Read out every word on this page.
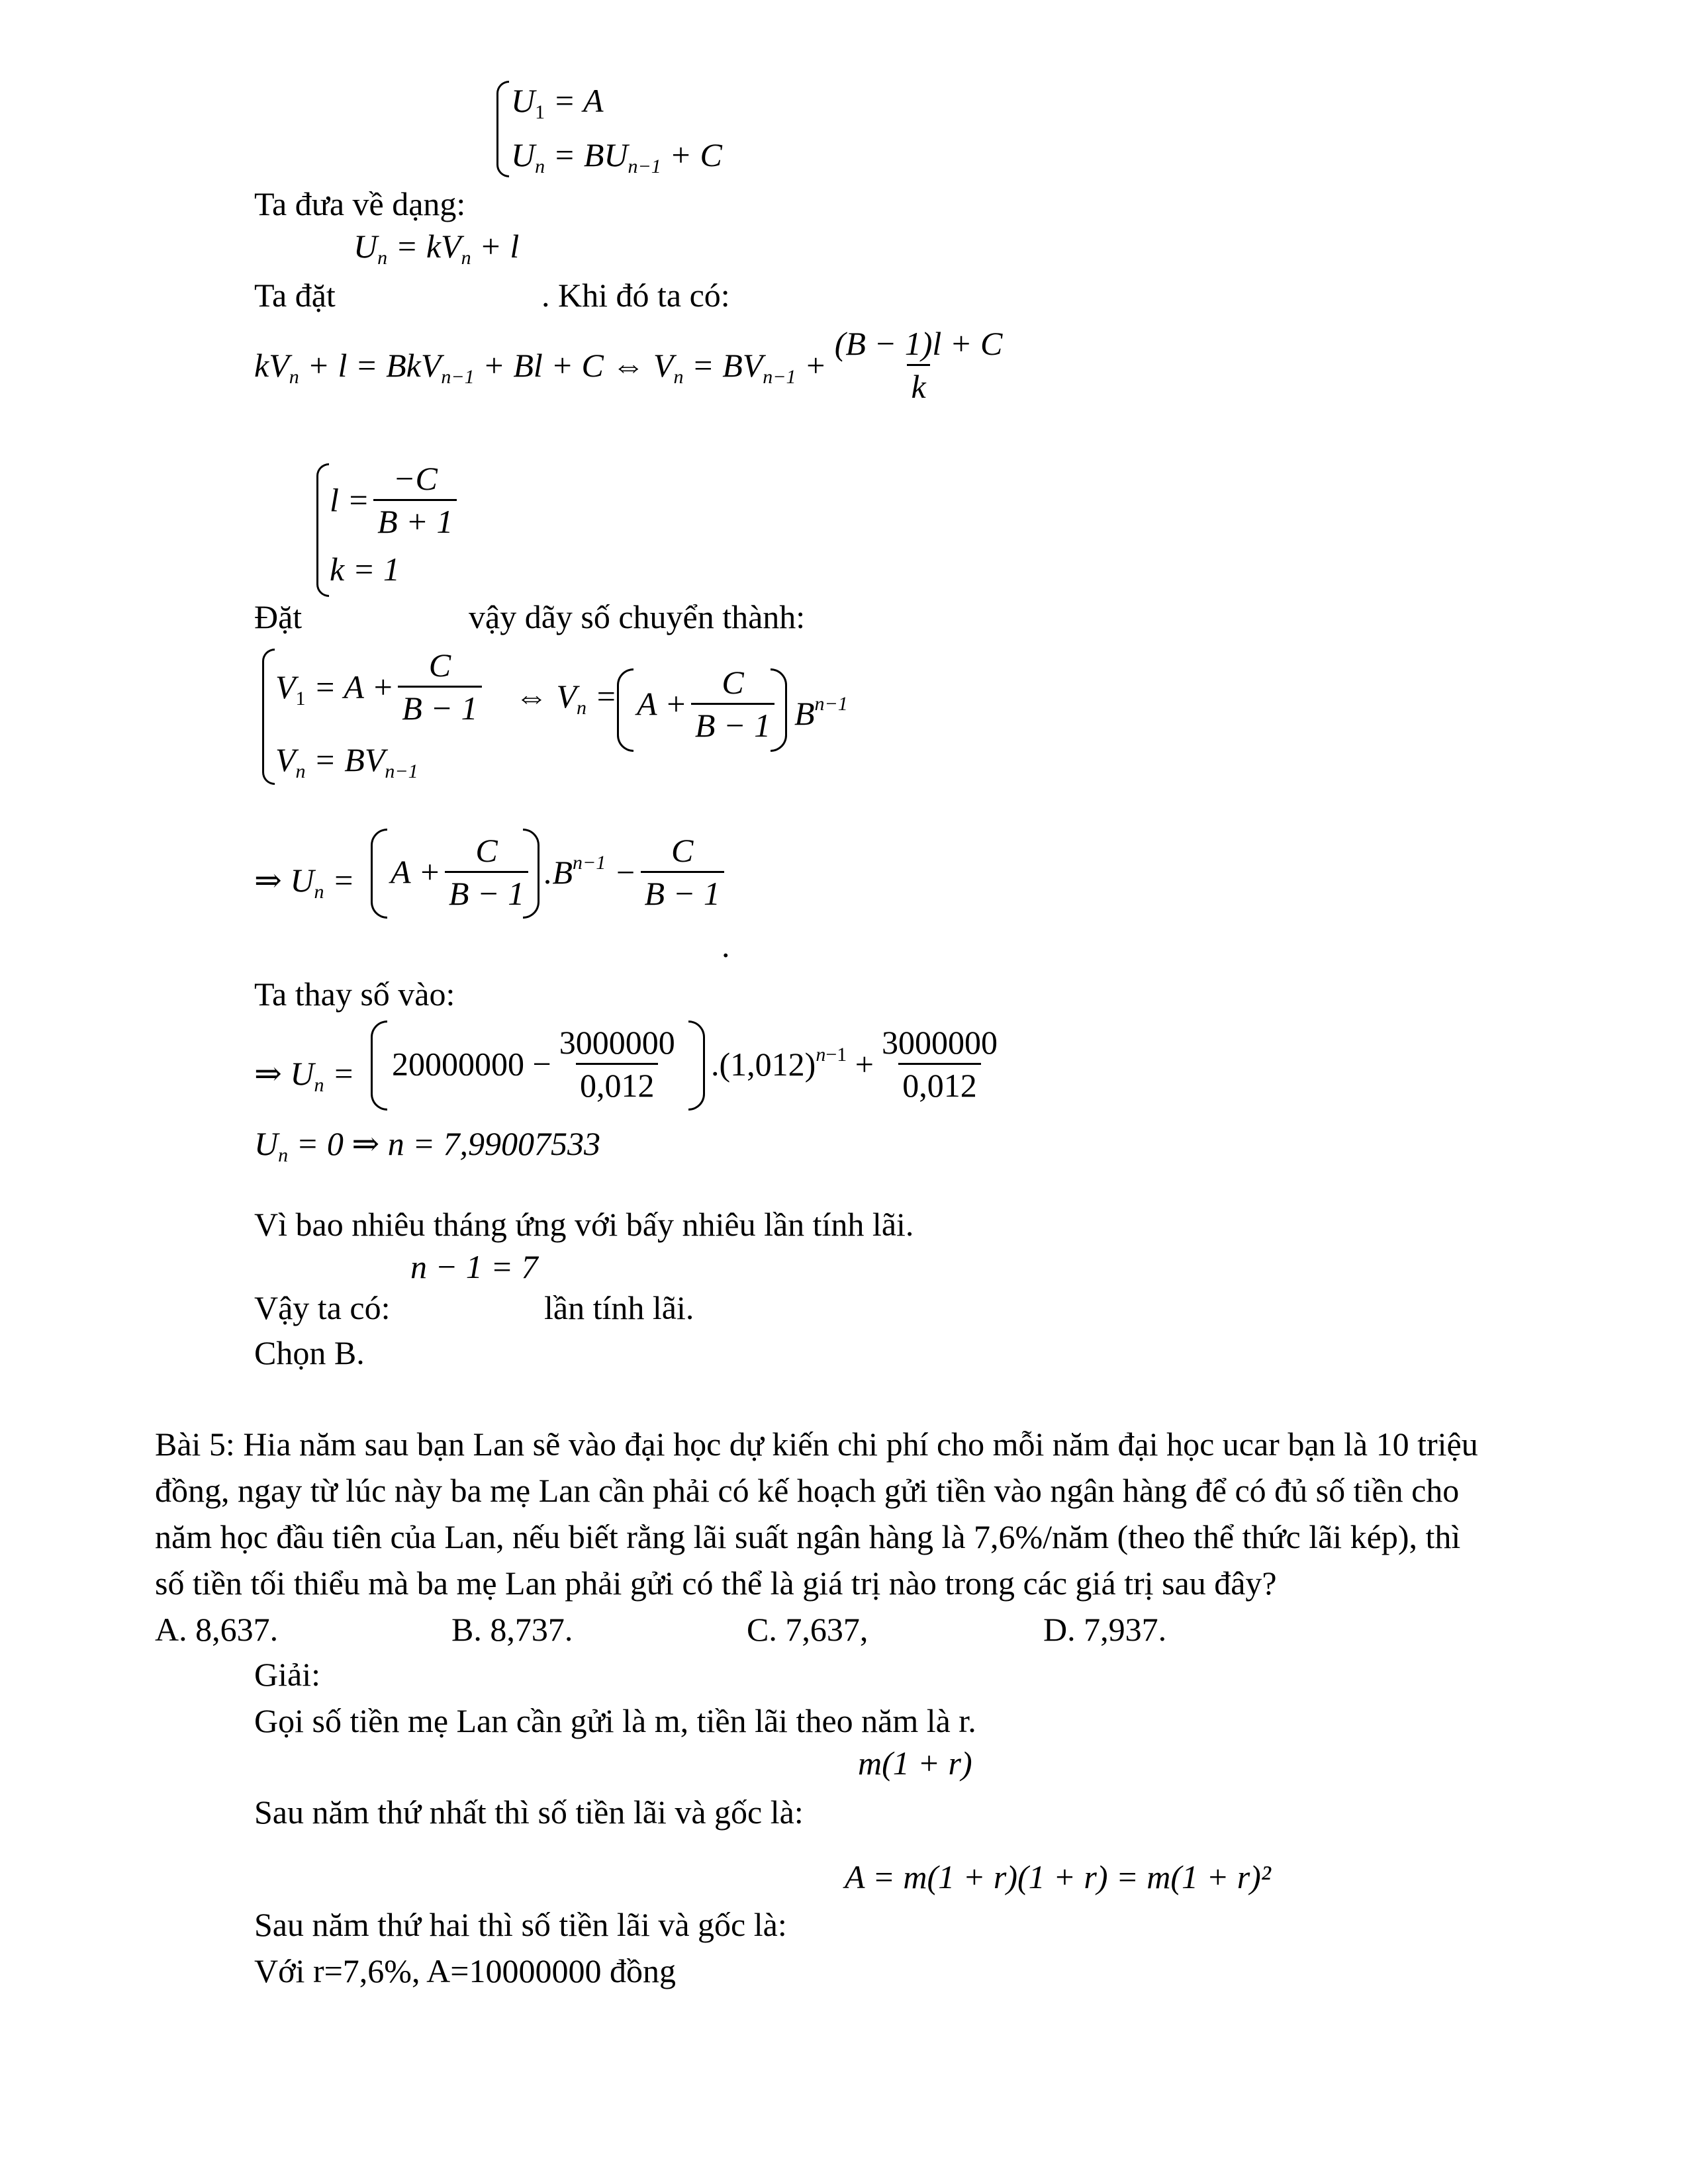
$U_1 = A$
$U_n = BU_{n-1} + C$
Ta đưa về dạng:
$U_n = kV_n + l$
Ta đặt	. Khi đó ta có:
$kV_n + l = BkV_{n-1} + Bl + C$ ⇔ $V_n = BV_{n-1} + \frac{(B - 1)l + C}{k}$
$l = \frac{-C}{B + 1}$
k = 1
Đặt	vậy dãy số chuyển thành:
$V_1 = A + \frac{C}{B - 1}$
$V_n = BV_{n-1}$
⇔ $V_n = A + \frac{C}{B - 1} B^{n-1}$
⇒ $U_n = A + \frac{C}{B - 1} .B^{n-1} - \frac{C}{B - 1}$
.
Ta thay số vào:
⇒ $U_n = 20000000 - \frac{3000000}{0,012} .(1,012)^{n-1} + \frac{3000000}{0,012}$
$U_n = 0$ ⇒ n = 7,99007533
Vì bao nhiêu tháng ứng với bấy nhiêu lần tính lãi.
n − 1 = 7
Vậy ta có:	lần tính lãi.
Chọn B.
Bài 5: Hia năm sau bạn Lan sẽ vào đại học dự kiến chi phí cho mỗi năm đại học ucar bạn là 10 triệu
đồng, ngay từ lúc này ba mẹ Lan cần phải có kế hoạch gửi tiền vào ngân hàng để có đủ số tiền cho
năm học đầu tiên của Lan, nếu biết rằng lãi suất ngân hàng là 7,6%/năm (theo thể thức lãi kép), thì
số tiền tối thiểu mà ba mẹ Lan phải gửi có thể là giá trị nào trong các giá trị sau đây?
A. 8,637.	B. 8,737.	C. 7,637,	D. 7,937.
Giải:
Gọi số tiền mẹ Lan cần gửi là m, tiền lãi theo năm là r.
m(1 + r)
Sau năm thứ nhất thì số tiền lãi và gốc là:
A = m(1 + r)(1 + r) = m(1 + r)²
Sau năm thứ hai thì số tiền lãi và gốc là:
Với r=7,6%, A=10000000 đồng
